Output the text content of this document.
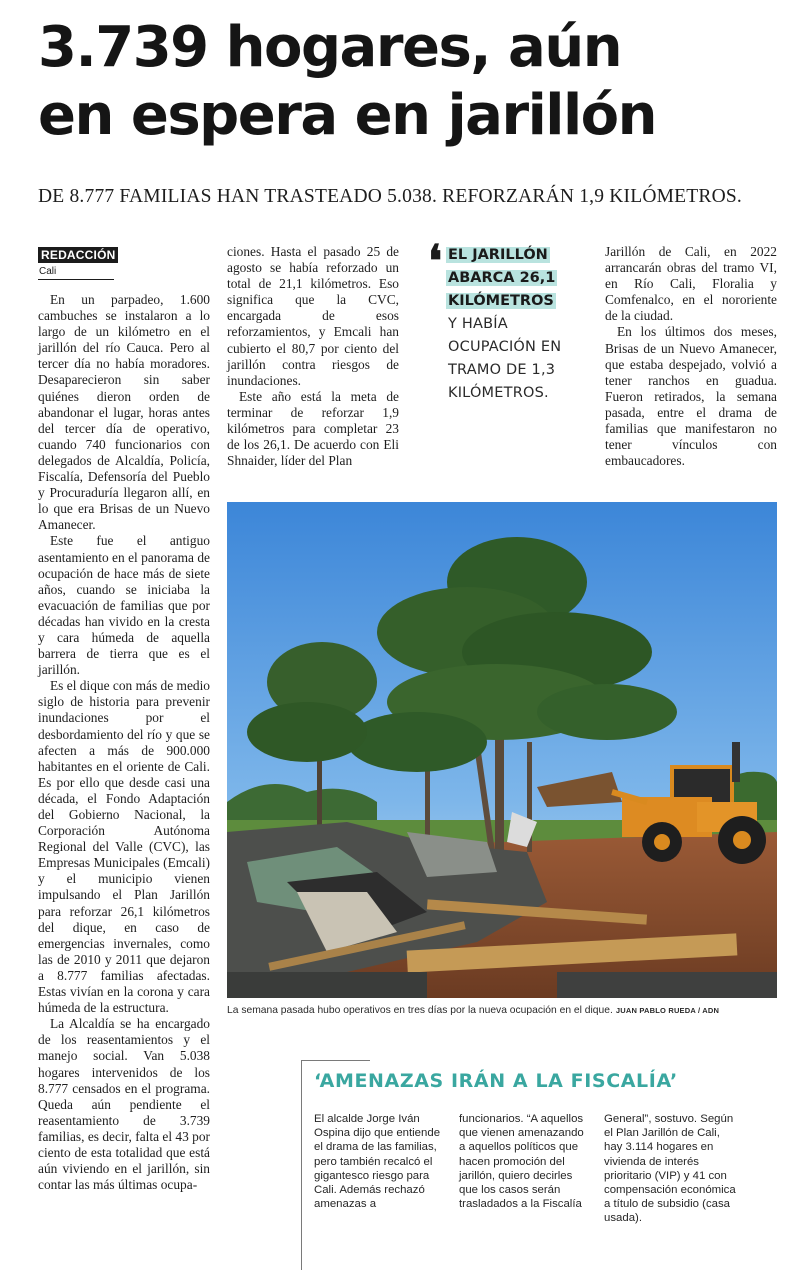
3.739 hogares, aún
en espera en jarillón
DE 8.777 FAMILIAS HAN TRASTEADO 5.038. REFORZARÁN 1,9 KILÓMETROS.
REDACCIÓN
Cali

En un parpadeo, 1.600 cambuches se instalaron a lo largo de un kilómetro en el jarillón del río Cauca. Pero al tercer día no había moradores. Desaparecieron sin saber quiénes dieron orden de abandonar el lugar, horas antes del tercer día de operativo, cuando 740 funcionarios con delegados de Alcaldía, Policía, Fiscalía, Defensoría del Pueblo y Procuraduría llegaron allí, en lo que era Brisas de un Nuevo Amanecer.

Este fue el antiguo asentamiento en el panorama de ocupación de hace más de siete años, cuando se iniciaba la evacuación de familias que por décadas han vivido en la cresta y cara húmeda de aquella barrera de tierra que es el jarillón.

Es el dique con más de medio siglo de historia para prevenir inundaciones por el desbordamiento del río y que se afecten a más de 900.000 habitantes en el oriente de Cali. Es por ello que desde casi una década, el Fondo Adaptación del Gobierno Nacional, la Corporación Autónoma Regional del Valle (CVC), las Empresas Municipales (Emcali) y el municipio vienen impulsando el Plan Jarillón para reforzar 26,1 kilómetros del dique, en caso de emergencias invernales, como las de 2010 y 2011 que dejaron a 8.777 familias afectadas. Estas vivían en la corona y cara húmeda de la estructura.

La Alcaldía se ha encargado de los reasentamientos y el manejo social. Van 5.038 hogares intervenidos de los 8.777 censados en el programa. Queda aún pendiente el reasentamiento de 3.739 familias, es decir, falta el 43 por ciento de esta totalidad que está aún viviendo en el jarillón, sin contar las más últimas ocupa-

ciones. Hasta el pasado 25 de agosto se había reforzado un total de 21,1 kilómetros. Eso significa que la CVC, encargada de esos reforzamientos, y Emcali han cubierto el 80,7 por ciento del jarillón contra riesgos de inundaciones.

Este año está la meta de terminar de reforzar 1,9 kilómetros para completar 23 de los 26,1. De acuerdo con Eli Shnaider, líder del Plan

❛ EL JARILLÓN ABARCA 26,1 KILÓMETROS
Y HABÍA OCUPACIÓN EN TRAMO DE 1,3 KILÓMETROS.

Jarillón de Cali, en 2022 arrancarán obras del tramo VI, en Río Cali, Floralia y Comfenalco, en el nororiente de la ciudad.

En los últimos dos meses, Brisas de un Nuevo Amanecer, que estaba despejado, volvió a tener ranchos en guadua. Fueron retirados, la semana pasada, entre el drama de familias que manifestaron no tener vínculos con embaucadores.

La semana pasada hubo operativos en tres días por la nueva ocupación en el dique. JUAN PABLO RUEDA / ADN
‘AMENAZAS IRÁN A LA FISCALÍA’
El alcalde Jorge Iván Ospina dijo que entiende el drama de las familias, pero también recalcó el gigantesco riesgo para Cali. Además rechazó amenazas a
funcionarios. “A aquellos que vienen amenazando a aquellos políticos que hacen promoción del jarillón, quiero decirles que los casos serán trasladados a la Fiscalía
General”, sostuvo. Según el Plan Jarillón de Cali, hay 3.114 hogares en vivienda de interés prioritario (VIP) y 41 con compensación económica a título de subsidio (casa usada).
